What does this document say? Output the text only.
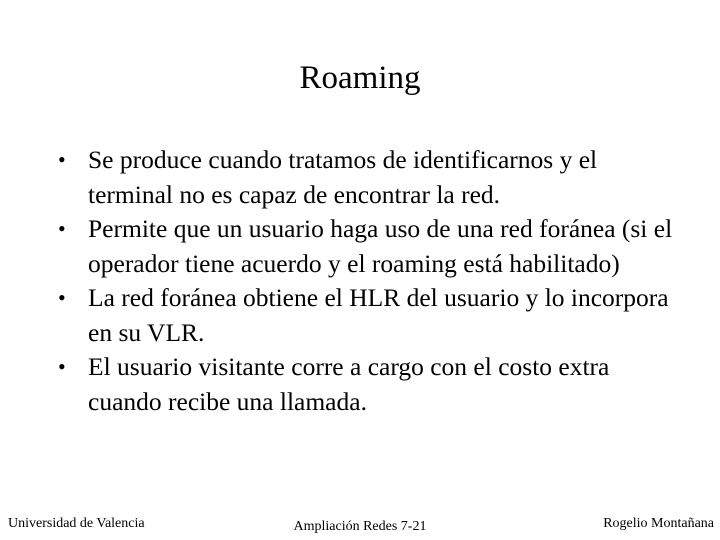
Roaming
• Se produce cuando tratamos de identificarnos y el terminal no es capaz de encontrar la red.
• Permite que un usuario haga uso de una red foránea (si el operador tiene acuerdo y el roaming está habilitado)
• La red foránea obtiene el HLR del usuario y lo incorpora en su VLR.
• El usuario visitante corre a cargo con el costo extra cuando recibe una llamada.
Universidad de Valencia	Ampliación Redes 7-21	Rogelio Montañana
